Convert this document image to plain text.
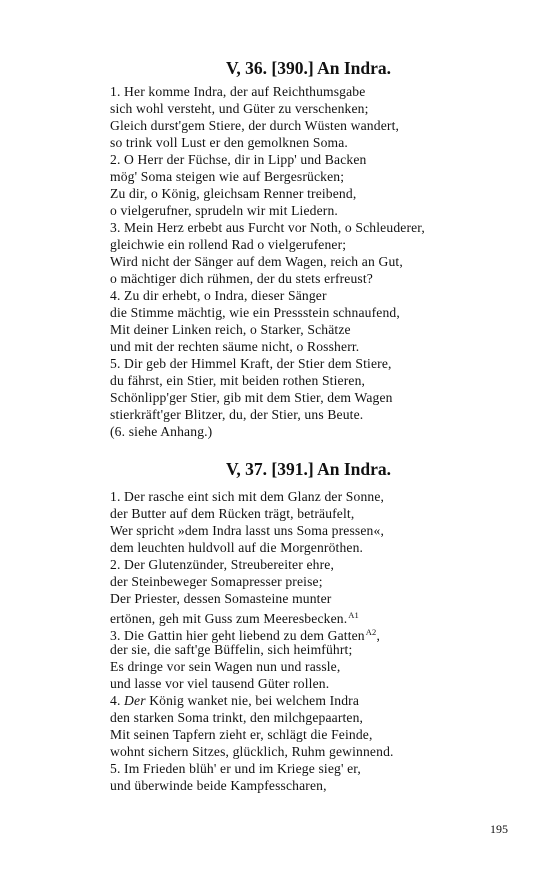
V, 36. [390.] An Indra.
1. Her komme Indra, der auf Reichthumsgabe
sich wohl versteht, und Güter zu verschenken;
Gleich durst'gem Stiere, der durch Wüsten wandert,
so trink voll Lust er den gemolknen Soma.
2. O Herr der Füchse, dir in Lipp' und Backen
mög' Soma steigen wie auf Bergesrücken;
Zu dir, o König, gleichsam Renner treibend,
o vielgerufner, sprudeln wir mit Liedern.
3. Mein Herz erbebt aus Furcht vor Noth, o Schleuderer,
gleichwie ein rollend Rad o vielgerufener;
Wird nicht der Sänger auf dem Wagen, reich an Gut,
o mächtiger dich rühmen, der du stets erfreust?
4. Zu dir erhebt, o Indra, dieser Sänger
die Stimme mächtig, wie ein Pressstein schnaufend,
Mit deiner Linken reich, o Starker, Schätze
und mit der rechten säume nicht, o Rossherr.
5. Dir geb der Himmel Kraft, der Stier dem Stiere,
du fährst, ein Stier, mit beiden rothen Stieren,
Schönlipp'ger Stier, gib mit dem Stier, dem Wagen
stierkräft'ger Blitzer, du, der Stier, uns Beute.
(6. siehe Anhang.)
V, 37. [391.] An Indra.
1. Der rasche eint sich mit dem Glanz der Sonne,
der Butter auf dem Rücken trägt, beträufelt,
Wer spricht »dem Indra lasst uns Soma pressen«,
dem leuchten huldvoll auf die Morgenröthen.
2. Der Glutenzünder, Streubereiter ehre,
der Steinbeweger Somapresser preise;
Der Priester, dessen Somasteine munter
ertönen, geh mit Guss zum Meeresbecken.$^{A1}$
3. Die Gattin hier geht liebend zu dem Gatten$^{A2}$,
der sie, die saft'ge Büffelin, sich heimführt;
Es dringe vor sein Wagen nun und rassle,
und lasse vor viel tausend Güter rollen.
4. Der König wanket nie, bei welchem Indra
den starken Soma trinkt, den milchgepaarten,
Mit seinen Tapfern zieht er, schlägt die Feinde,
wohnt sichern Sitzes, glücklich, Ruhm gewinnend.
5. Im Frieden blüh' er und im Kriege sieg' er,
und überwinde beide Kampfesscharen,
195
